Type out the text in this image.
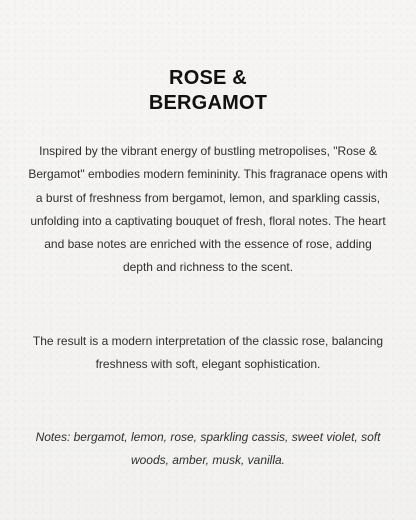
ROSE &
BERGAMOT

Inspired by the vibrant energy of bustling metropolises, "Rose & Bergamot" embodies modern femininity. This fragranace opens with a burst of freshness from bergamot, lemon, and sparkling cassis, unfolding into a captivating bouquet of fresh, floral notes. The heart and base notes are enriched with the essence of rose, adding depth and richness to the scent.

The result is a modern interpretation of the classic rose, balancing freshness with soft, elegant sophistication.

Notes: bergamot, lemon, rose, sparkling cassis, sweet violet, soft woods, amber, musk, vanilla.
